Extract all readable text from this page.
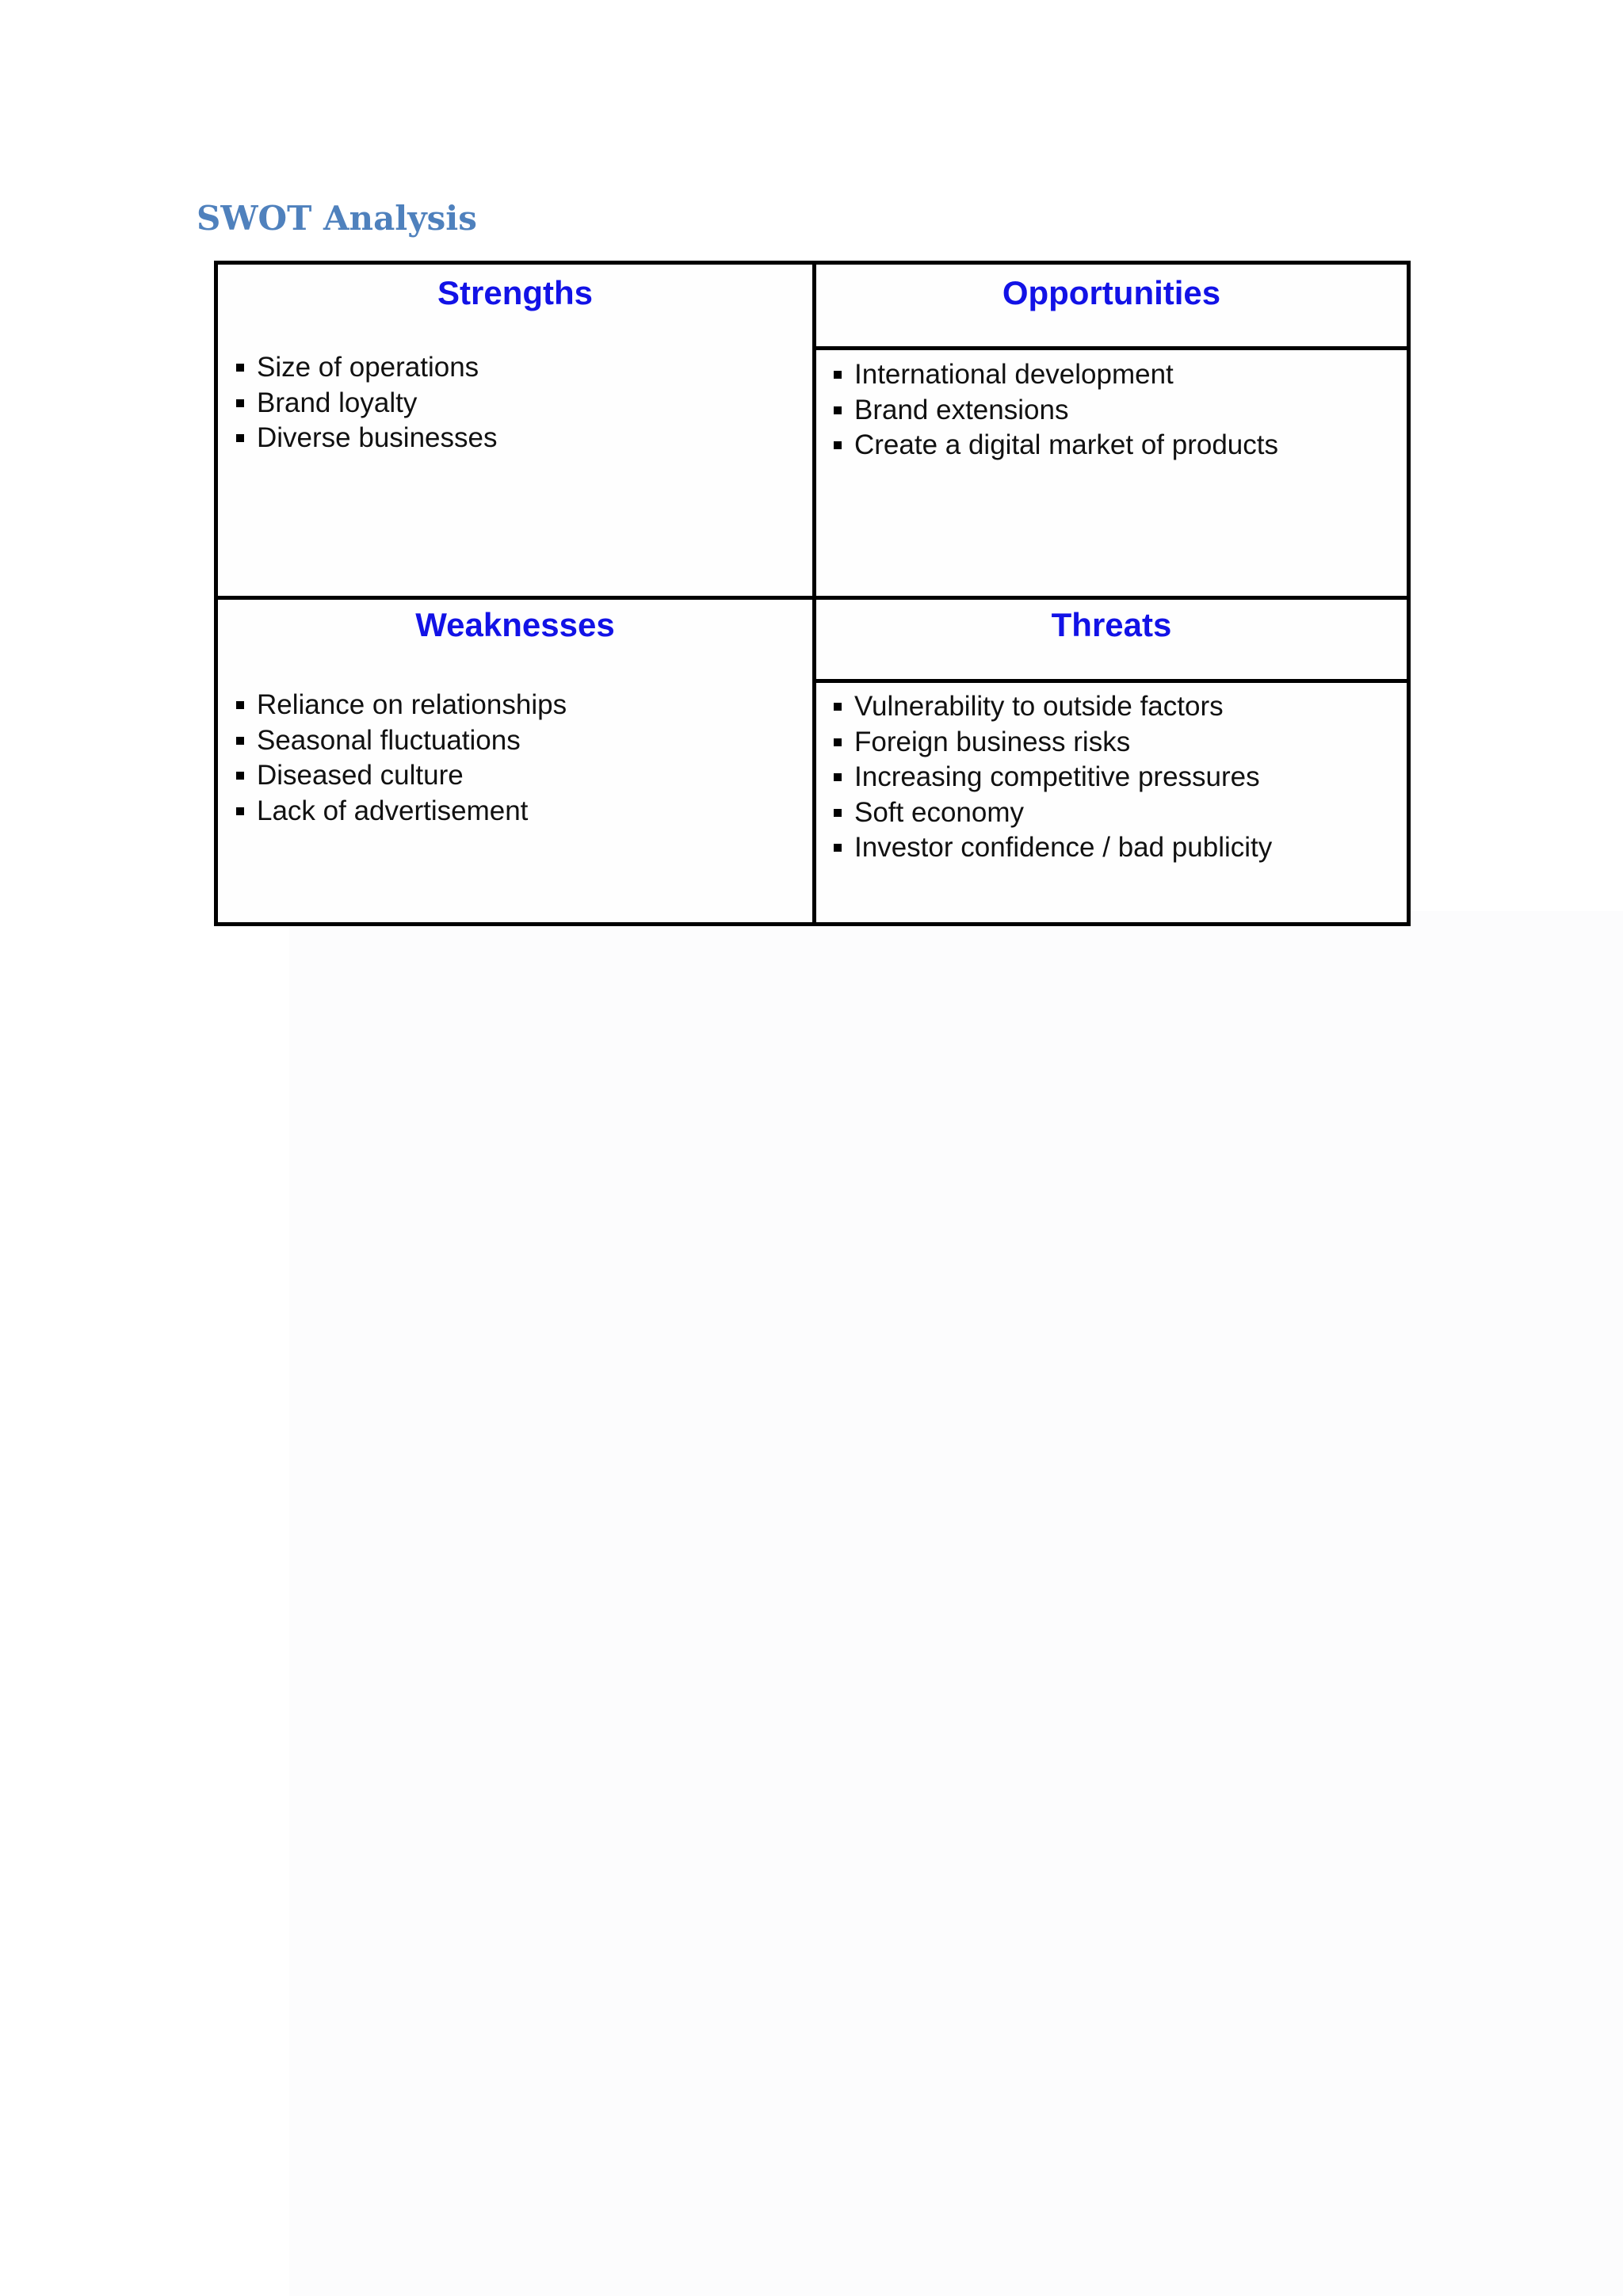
SWOT Analysis
Strengths
Size of operations
Brand loyalty
Diverse businesses
Opportunities
International development
Brand extensions
Create a digital market of products
Weaknesses
Reliance on relationships
Seasonal fluctuations
Diseased culture
Lack of advertisement
Threats
Vulnerability to outside factors
Foreign business risks
Increasing competitive pressures
Soft economy
Investor confidence / bad publicity
